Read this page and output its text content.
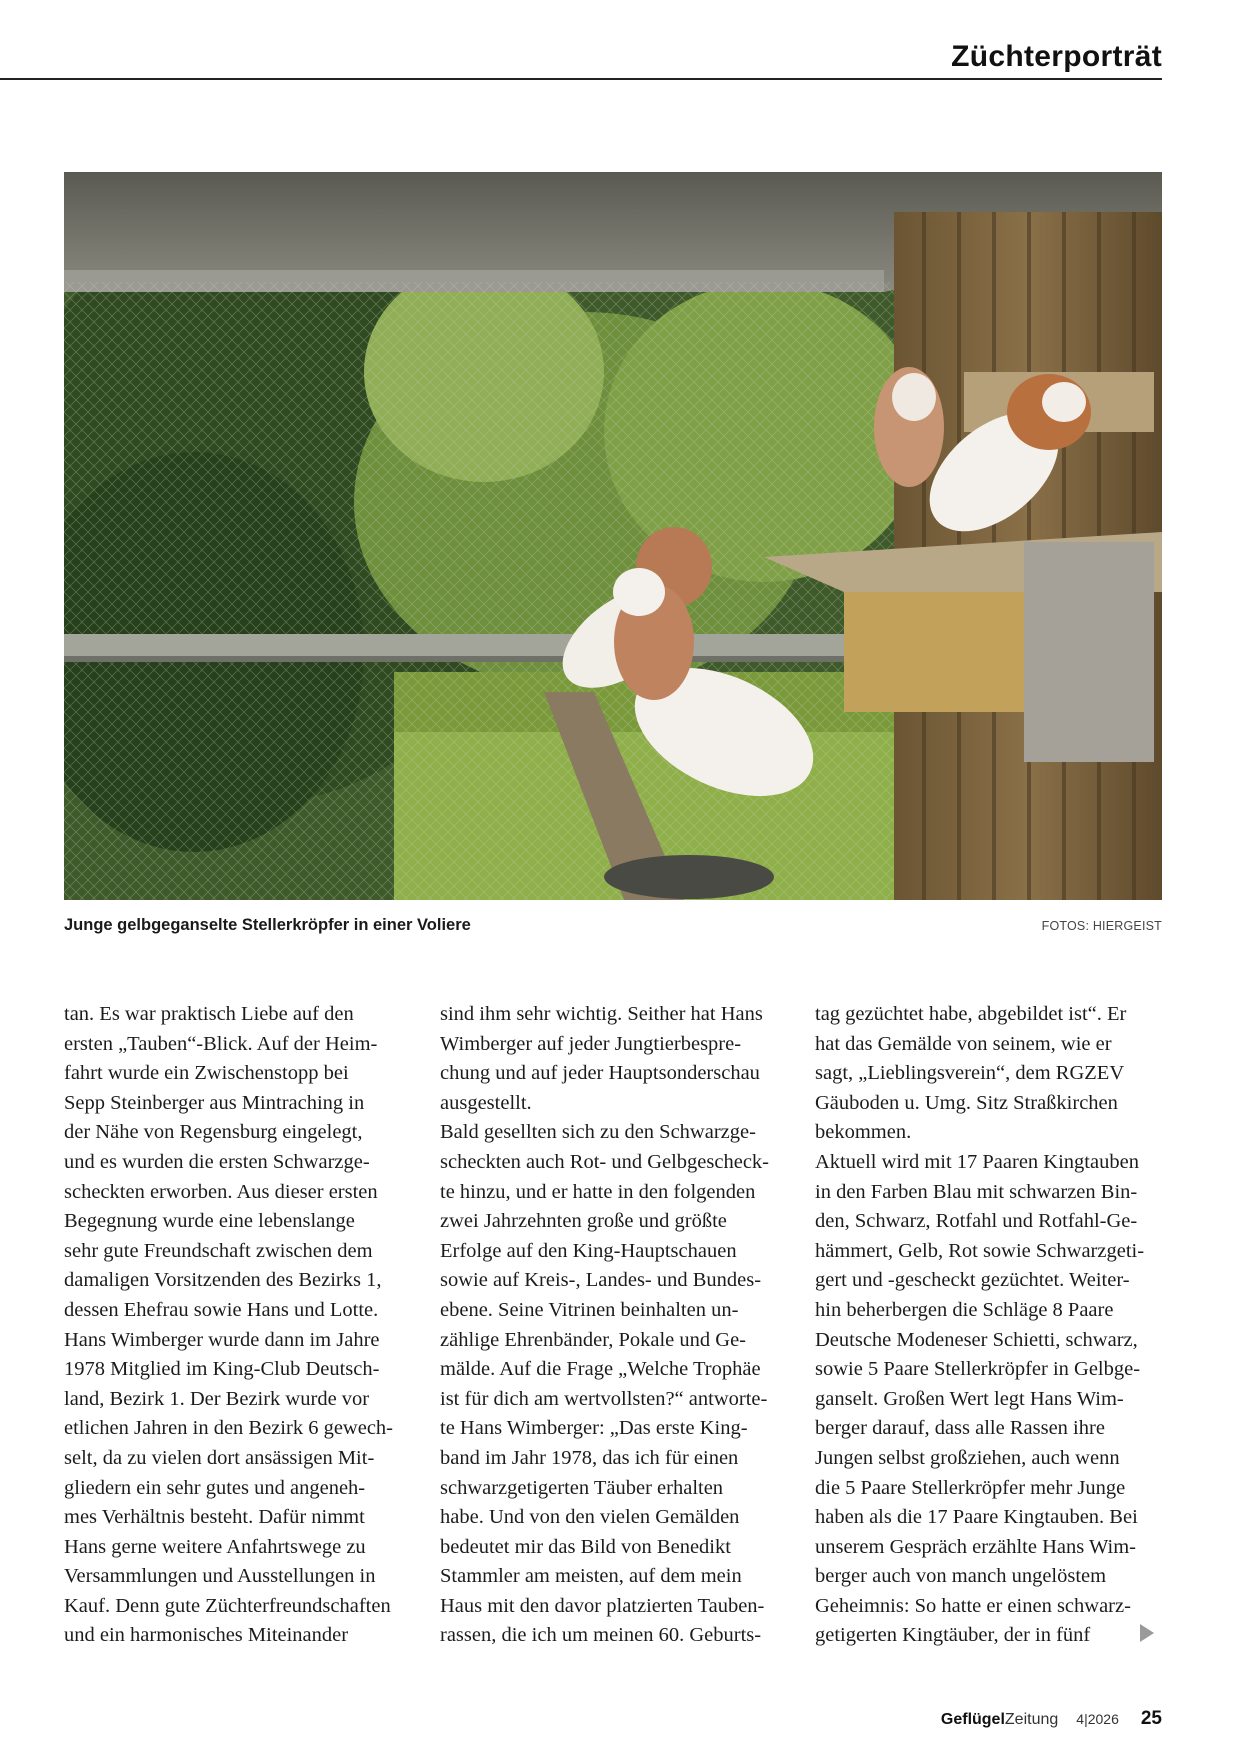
Züchterporträt
Junge gelbgeganselte Stellerkröpfer in einer Voliere	FOTOS: HIERGEIST
tan. Es war praktisch Liebe auf den
ersten „Tauben“-Blick. Auf der Heim-
fahrt wurde ein Zwischenstopp bei
Sepp Steinberger aus Mintraching in
der Nähe von Regensburg eingelegt,
und es wurden die ersten Schwarzge-
scheckten erworben. Aus dieser ersten
Begegnung wurde eine lebenslange
sehr gute Freundschaft zwischen dem
damaligen Vorsitzenden des Bezirks 1,
dessen Ehefrau sowie Hans und Lotte.
Hans Wimberger wurde dann im Jahre
1978 Mitglied im King-Club Deutsch-
land, Bezirk 1. Der Bezirk wurde vor
etlichen Jahren in den Bezirk 6 gewech-
selt, da zu vielen dort ansässigen Mit-
gliedern ein sehr gutes und angeneh-
mes Verhältnis besteht. Dafür nimmt
Hans gerne weitere Anfahrtswege zu
Versammlungen und Ausstellungen in
Kauf. Denn gute Züchterfreundschaften
und ein harmonisches Miteinander
sind ihm sehr wichtig. Seither hat Hans
Wimberger auf jeder Jungtierbespre-
chung und auf jeder Hauptsonderschau
ausgestellt.
Bald gesellten sich zu den Schwarzge-
scheckten auch Rot- und Gelbgescheck-
te hinzu, und er hatte in den folgenden
zwei Jahrzehnten große und größte
Erfolge auf den King-Hauptschauen
sowie auf Kreis-, Landes- und Bundes-
ebene. Seine Vitrinen beinhalten un-
zählige Ehrenbänder, Pokale und Ge-
mälde. Auf die Frage „Welche Trophäe
ist für dich am wertvollsten?“ antworte-
te Hans Wimberger: „Das erste King-
band im Jahr 1978, das ich für einen
schwarzgetigerten Täuber erhalten
habe. Und von den vielen Gemälden
bedeutet mir das Bild von Benedikt
Stammler am meisten, auf dem mein
Haus mit den davor platzierten Tauben-
rassen, die ich um meinen 60. Geburts-
tag gezüchtet habe, abgebildet ist“. Er
hat das Gemälde von seinem, wie er
sagt, „Lieblingsverein“, dem RGZEV
Gäuboden u. Umg. Sitz Straßkirchen
bekommen.
Aktuell wird mit 17 Paaren Kingtauben
in den Farben Blau mit schwarzen Bin-
den, Schwarz, Rotfahl und Rotfahl-Ge-
hämmert, Gelb, Rot sowie Schwarzgeti-
gert und -gescheckt gezüchtet. Weiter-
hin beherbergen die Schläge 8 Paare
Deutsche Modeneser Schietti, schwarz,
sowie 5 Paare Stellerkröpfer in Gelbge-
ganselt. Großen Wert legt Hans Wim-
berger darauf, dass alle Rassen ihre
Jungen selbst großziehen, auch wenn
die 5 Paare Stellerkröpfer mehr Junge
haben als die 17 Paare Kingtauben. Bei
unserem Gespräch erzählte Hans Wim-
berger auch von manch ungelöstem
Geheimnis: So hatte er einen schwarz-
getigerten Kingtäuber, der in fünf
Geflügel Zeitung 4|2026 25
